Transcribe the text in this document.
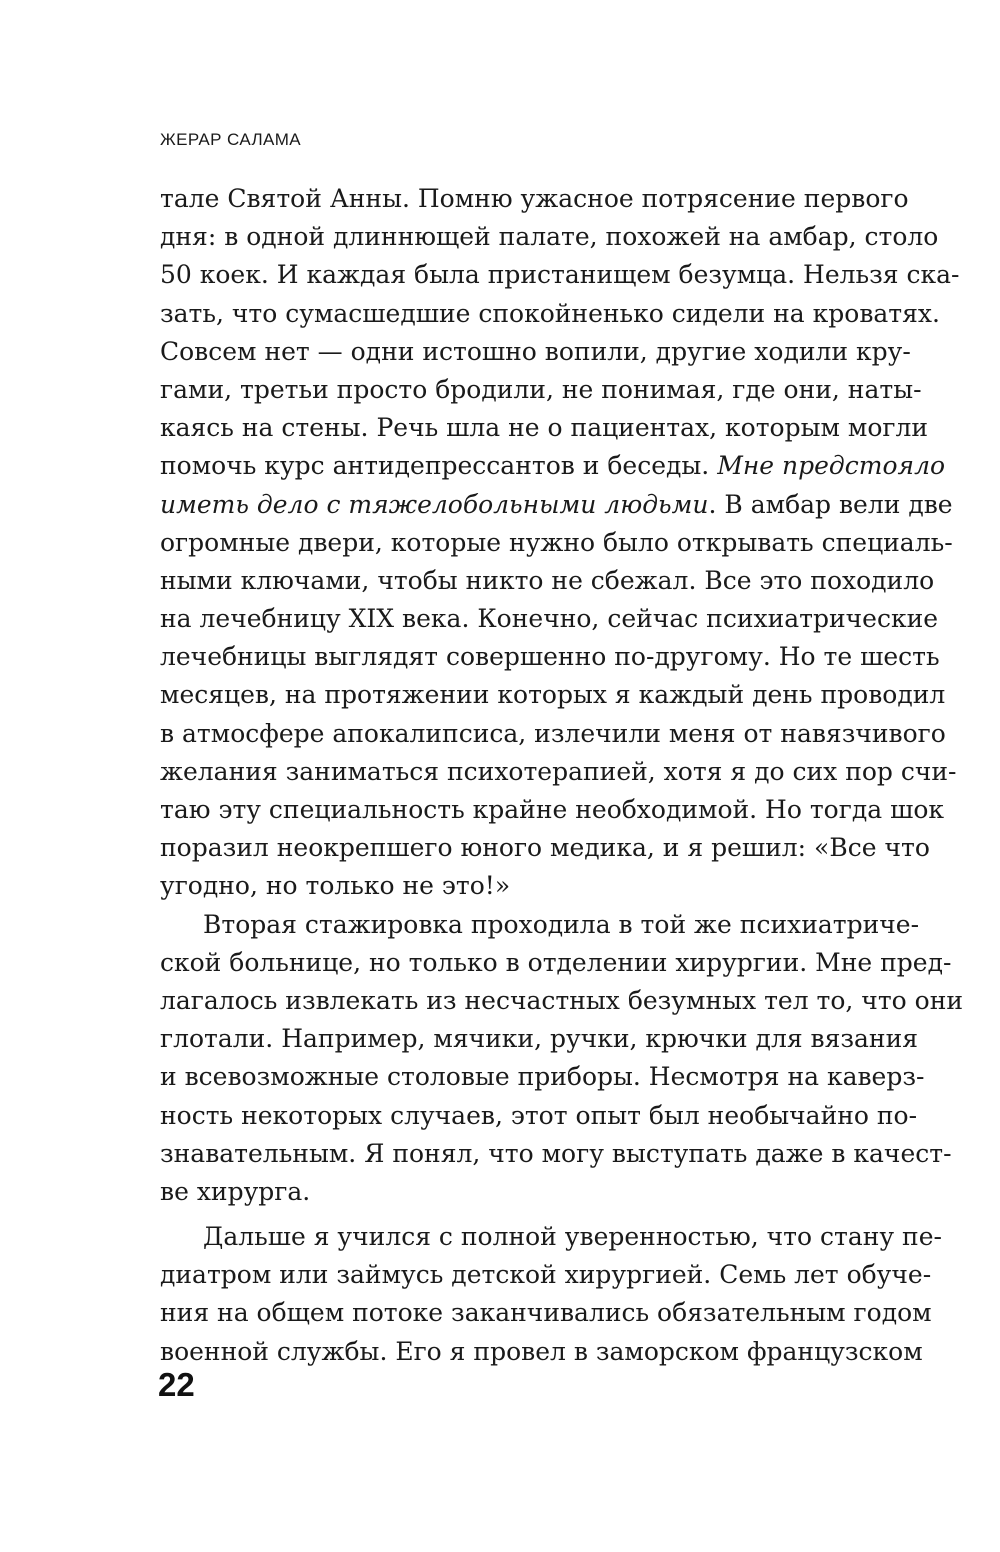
ЖЕРАР САЛАМА
тале Святой Анны. Помню ужасное потрясение первого
дня: в одной длиннющей палате, похожей на амбар, столо
50 коек. И каждая была пристанищем безумца. Нельзя ска-
зать, что сумасшедшие спокойненько сидели на кроватях.
Совсем нет — одни истошно вопили, другие ходили кру-
гами, третьи просто бродили, не понимая, где они, наты-
каясь на стены. Речь шла не о пациентах, которым могли
помочь курс антидепрессантов и беседы. Мне предстояло
иметь дело с тяжелобольными людьми. В амбар вели две
огромные двери, которые нужно было открывать специаль-
ными ключами, чтобы никто не сбежал. Все это походило
на лечебницу XIX века. Конечно, сейчас психиатрические
лечебницы выглядят совершенно по-другому. Но те шесть
месяцев, на протяжении которых я каждый день проводил
в атмосфере апокалипсиса, излечили меня от навязчивого
желания заниматься психотерапией, хотя я до сих пор счи-
таю эту специальность крайне необходимой. Но тогда шок
поразил неокрепшего юного медика, и я решил: «Все что
угодно, но только не это!»
Вторая стажировка проходила в той же психиатриче-
ской больнице, но только в отделении хирургии. Мне пред-
лагалось извлекать из несчастных безумных тел то, что они
глотали. Например, мячики, ручки, крючки для вязания
и всевозможные столовые приборы. Несмотря на каверз-
ность некоторых случаев, этот опыт был необычайно по-
знавательным. Я понял, что могу выступать даже в качест-
ве хирурга.
Дальше я учился с полной уверенностью, что стану пе-
диатром или займусь детской хирургией. Семь лет обуче-
ния на общем потоке заканчивались обязательным годом
военной службы. Его я провел в заморском французском
22
